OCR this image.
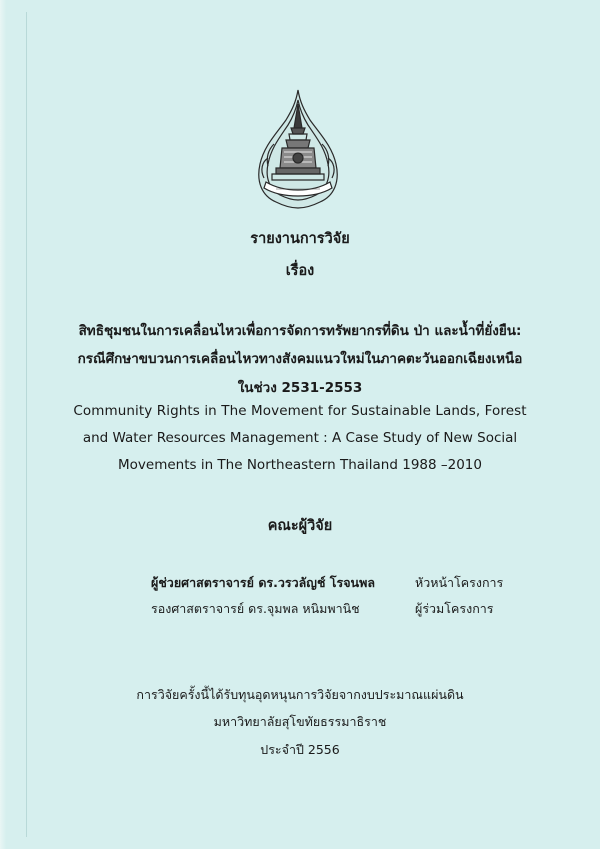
รายงานการวิจัย
เรื่อง
สิทธิชุมชนในการเคลื่อนไหวเพื่อการจัดการทรัพยากรที่ดิน ป่า และน้ำที่ยั่งยืน:
กรณีศึกษาขบวนการเคลื่อนไหวทางสังคมแนวใหม่ในภาคตะวันออกเฉียงเหนือ
ในช่วง 2531-2553
Community Rights in The Movement for Sustainable Lands, Forest
and Water Resources Management : A Case Study of New Social
Movements in The Northeastern Thailand 1988 –2010
คณะผู้วิจัย
ผู้ช่วยศาสตราจารย์ ดร.วรวลัญช์ โรจนพล	หัวหน้าโครงการ
รองศาสตราจารย์ ดร.จุมพล หนิมพานิช	ผู้ร่วมโครงการ
การวิจัยครั้งนี้ได้รับทุนอุดหนุนการวิจัยจากงบประมาณแผ่นดิน
มหาวิทยาลัยสุโขทัยธรรมาธิราช
ประจำปี 2556
